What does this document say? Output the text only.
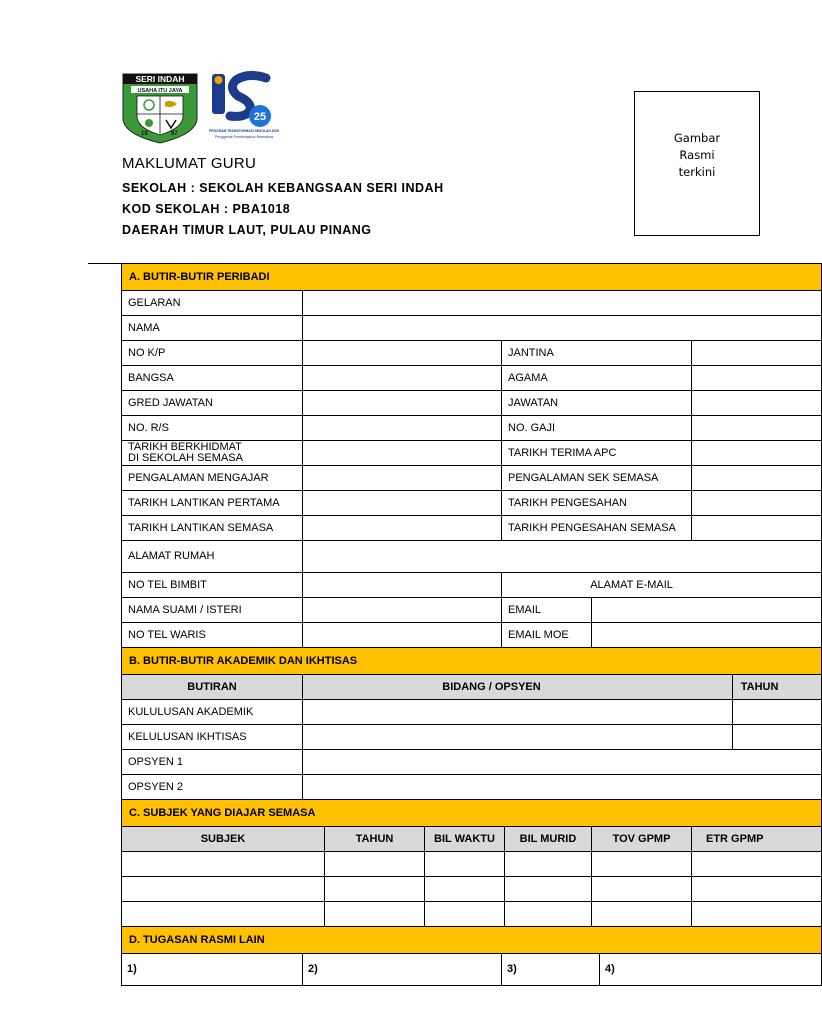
SERI INDAH
USAHA ITU JAYA
19	97
25
PROGRAM TRANSFORMASI SEKOLAH 2025
Penggerak Pembelajaran Bermakna
MAKLUMAT GURU
SEKOLAH : SEKOLAH KEBANGSAAN SERI INDAH
KOD SEKOLAH : PBA1018
DAERAH TIMUR LAUT, PULAU PINANG
Gambar
Rasmi
terkini
A. BUTIR-BUTIR PERIBADI									
GELARAN									
NAMA									
NO K/P				JANTINA					
BANGSA				AGAMA					
GRED JAWATAN				JAWATAN					
NO. R/S				NO. GAJI					
TARIKH BERKHIDMAT
DI SEKOLAH SEMASA				TARIKH TERIMA APC					
PENGALAMAN MENGAJAR				PENGALAMAN SEK SEMASA					
TARIKH LANTIKAN PERTAMA				TARIKH PENGESAHAN					
TARIKH LANTIKAN SEMASA				TARIKH PENGESAHAN SEMASA					
ALAMAT RUMAH									
NO TEL BIMBIT				ALAMAT E-MAIL					
NAMA SUAMI / ISTERI				EMAIL					
NO TEL WARIS				EMAIL MOE					
B. BUTIR-BUTIR AKADEMIK DAN IKHTISAS									
BUTIRAN	BIDANG / OPSYEN								TAHUN
KULULUSAN AKADEMIK									
KELULUSAN IKHTISAS									
OPSYEN 1									
OPSYEN 2									
C. SUBJEK YANG DIAJAR SEMASA									
SUBJEK		TAHUN	BIL WAKTU		BIL MURID	TOV GPMP		ETR GPMP	

D. TUGASAN RASMI LAIN									
1)	2)			3)			4)		
